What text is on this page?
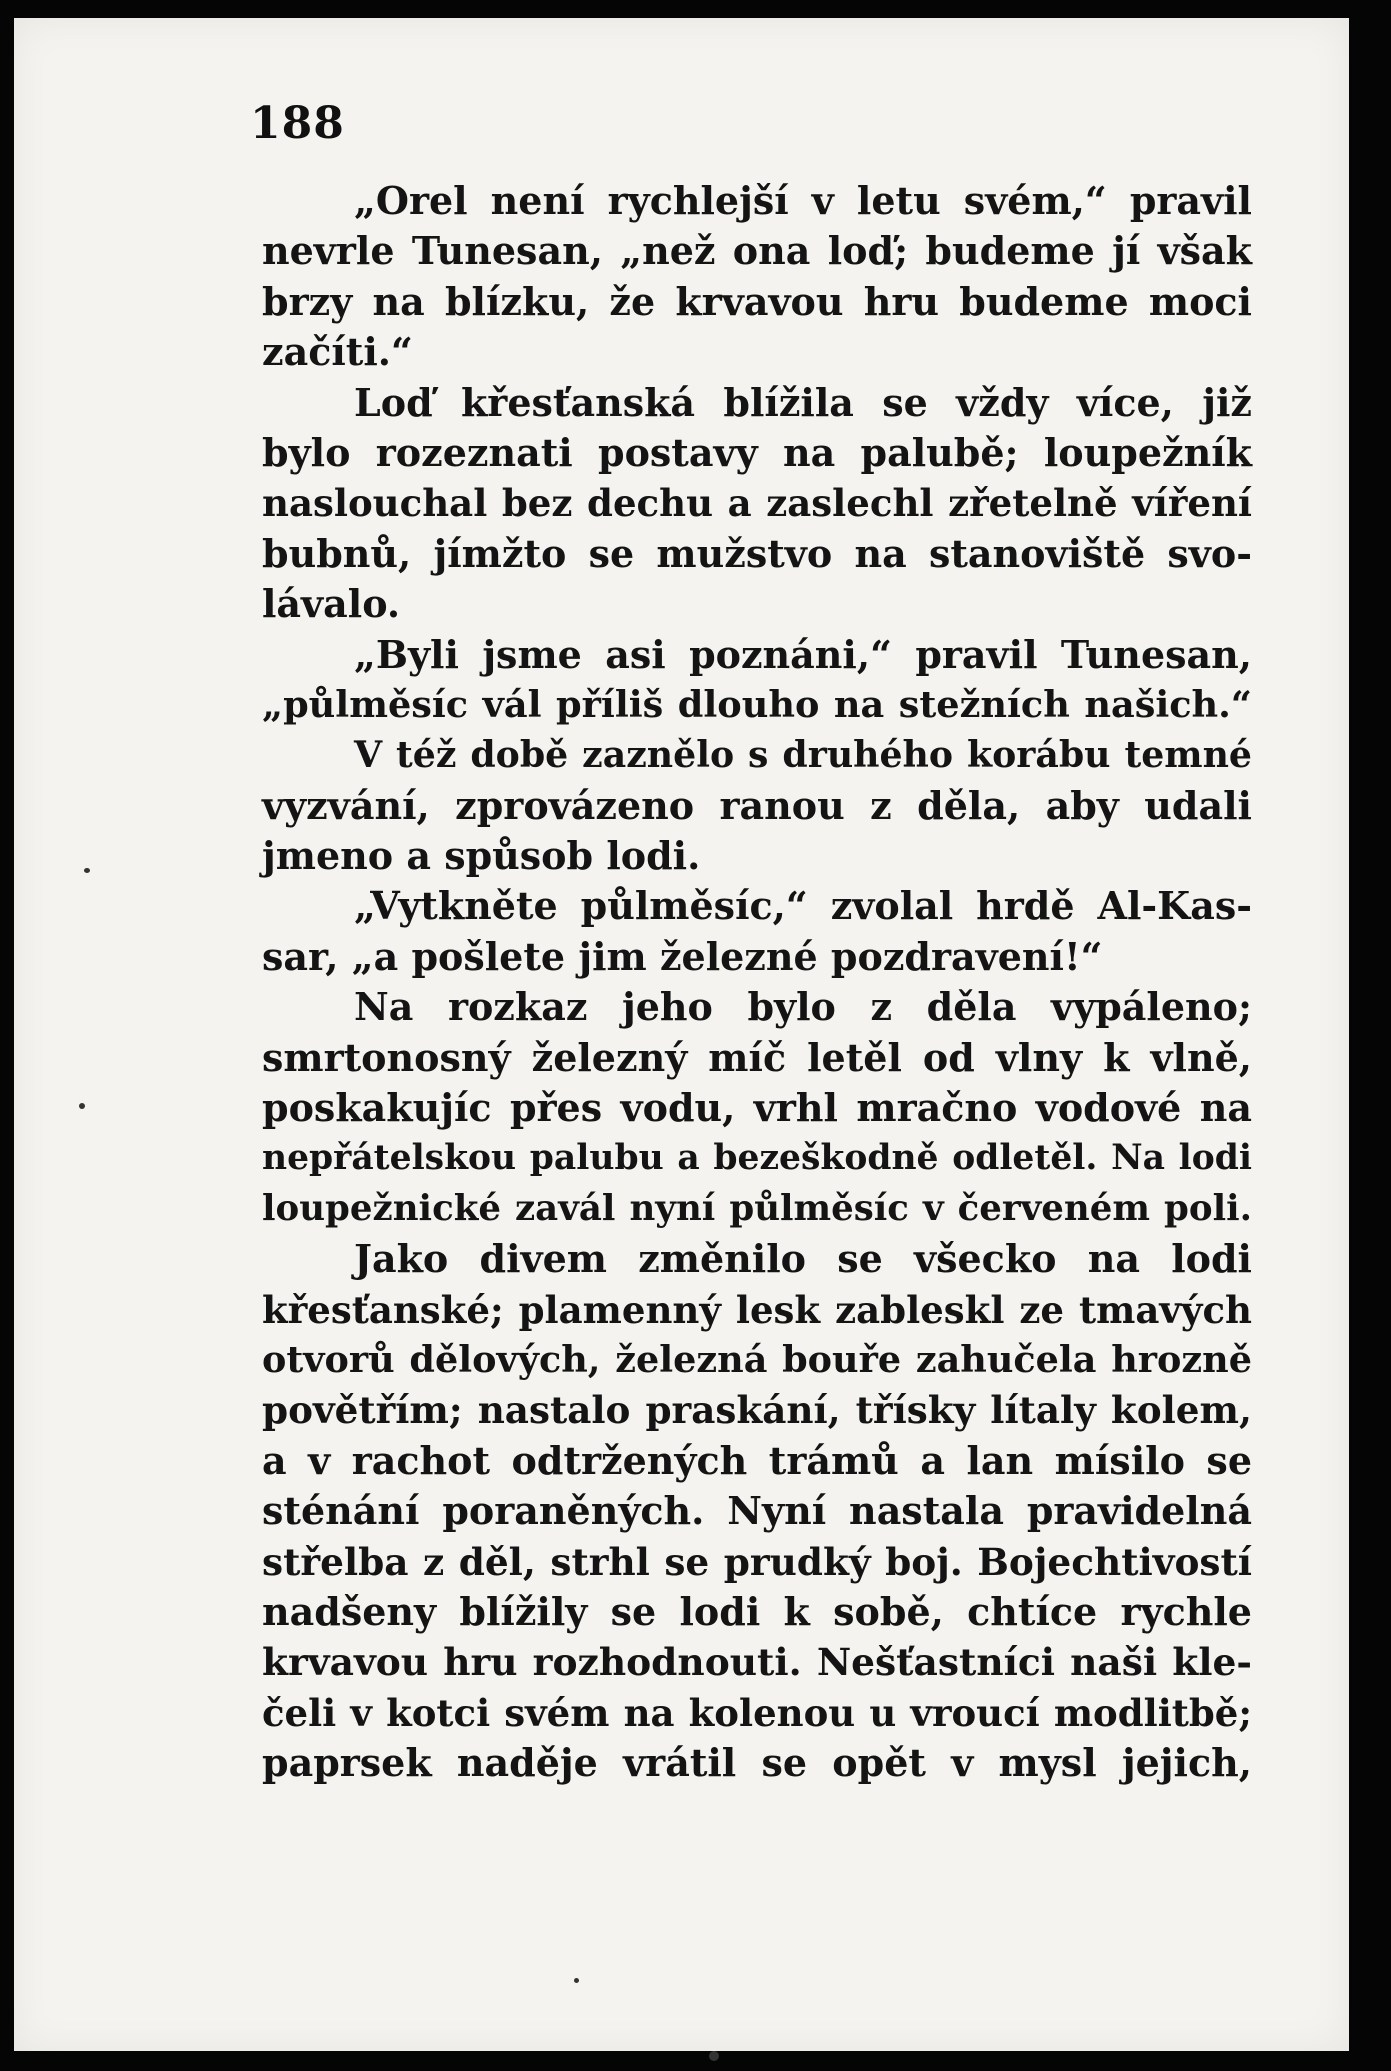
188
„Orel není rychlejší v letu svém,“ pravil
nevrle Tunesan, „než ona loď; budeme jí však
brzy na blízku, že krvavou hru budeme moci
začíti.“
Loď křesťanská blížila se vždy více, již
bylo rozeznati postavy na palubě; loupežník
naslouchal bez dechu a zaslechl zřetelně víření
bubnů, jímžto se mužstvo na stanoviště svo-
lávalo.
„Byli jsme asi poznáni,“ pravil Tunesan,
„půlměsíc vál příliš dlouho na stežních našich.“
V též době zaznělo s druhého korábu temné
vyzvání, zprovázeno ranou z děla, aby udali
jmeno a spůsob lodi.
„Vytkněte půlměsíc,“ zvolal hrdě Al-Kas-
sar, „a pošlete jim železné pozdravení!“
Na rozkaz jeho bylo z děla vypáleno;
smrtonosný železný míč letěl od vlny k vlně,
poskakujíc přes vodu, vrhl mračno vodové na
nepřátelskou palubu a bezeškodně odletěl. Na lodi
loupežnické zavál nyní půlměsíc v červeném poli.
Jako divem změnilo se všecko na lodi
křesťanské; plamenný lesk zableskl ze tmavých
otvorů dělových, železná bouře zahučela hrozně
povětřím; nastalo praskání, třísky lítaly kolem,
a v rachot odtržených trámů a lan mísilo se
sténání poraněných. Nyní nastala pravidelná
střelba z děl, strhl se prudký boj. Bojechtivostí
nadšeny blížily se lodi k sobě, chtíce rychle
krvavou hru rozhodnouti. Nešťastníci naši kle-
čeli v kotci svém na kolenou u vroucí modlitbě;
paprsek naděje vrátil se opět v mysl jejich,
